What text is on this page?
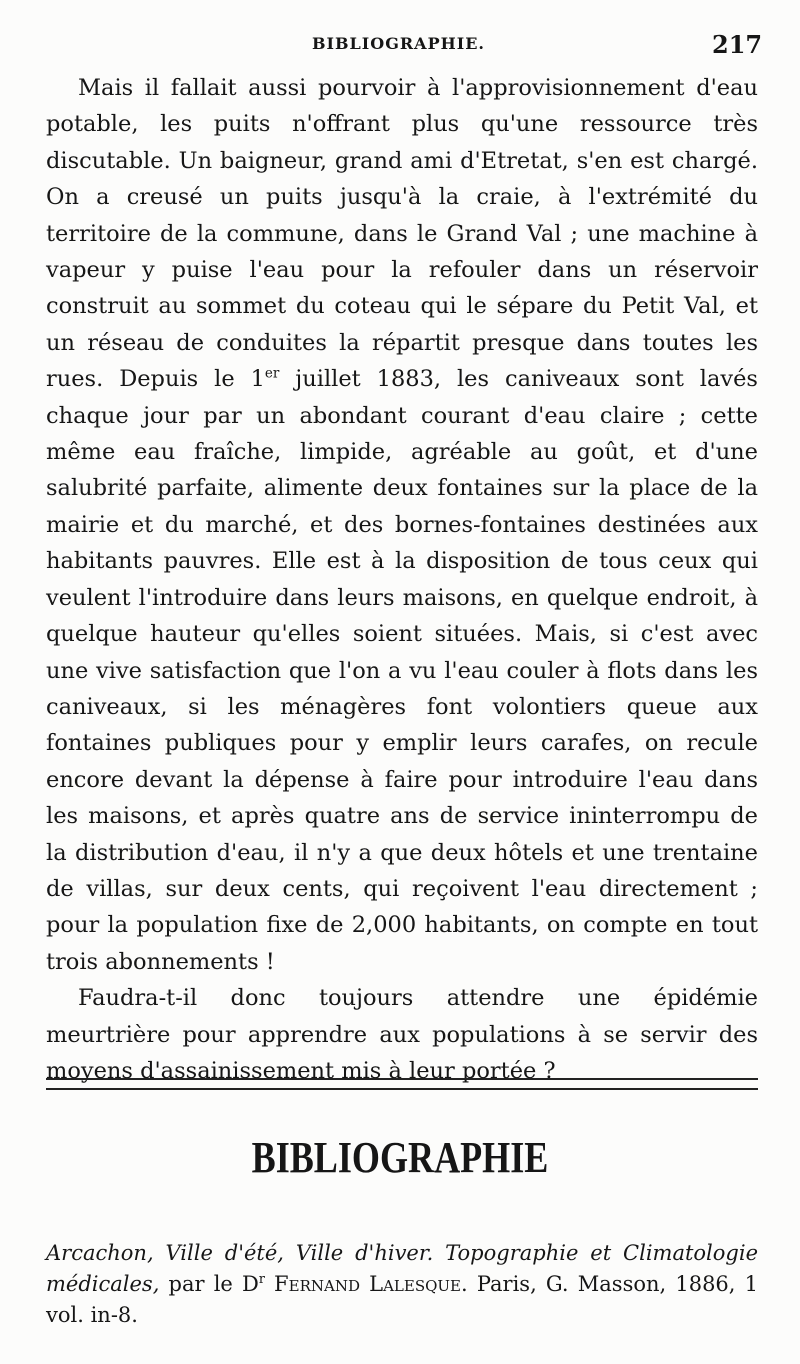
BIBLIOGRAPHIE.	217

Mais il fallait aussi pourvoir à l'approvisionnement d'eau potable, les puits n'offrant plus qu'une ressource très discutable. Un baigneur, grand ami d'Etretat, s'en est chargé. On a creusé un puits jusqu'à la craie, à l'extrémité du territoire de la commune, dans le Grand Val ; une machine à vapeur y puise l'eau pour la refouler dans un réservoir construit au sommet du coteau qui le sépare du Petit Val, et un réseau de conduites la répartit presque dans toutes les rues. Depuis le 1er juillet 1883, les caniveaux sont lavés chaque jour par un abondant courant d'eau claire ; cette même eau fraîche, limpide, agréable au goût, et d'une salubrité parfaite, alimente deux fontaines sur la place de la mairie et du marché, et des bornes-fontaines destinées aux habitants pauvres. Elle est à la disposition de tous ceux qui veulent l'introduire dans leurs maisons, en quelque endroit, à quelque hauteur qu'elles soient situées. Mais, si c'est avec une vive satisfaction que l'on a vu l'eau couler à flots dans les caniveaux, si les ménagères font volontiers queue aux fontaines publiques pour y emplir leurs carafes, on recule encore devant la dépense à faire pour introduire l'eau dans les maisons, et après quatre ans de service ininterrompu de la distribution d'eau, il n'y a que deux hôtels et une trentaine de villas, sur deux cents, qui reçoivent l'eau directement ; pour la population fixe de 2,000 habitants, on compte en tout trois abonnements !

Faudra-t-il donc toujours attendre une épidémie meurtrière pour apprendre aux populations à se servir des moyens d'assainissement mis à leur portée ?

BIBLIOGRAPHIE

Arcachon, Ville d'été, Ville d'hiver. Topographie et Climatologie médicales, par le $D^r$ Fernand Lalesque. Paris, G. Masson, 1886, 1 vol. in-8.
